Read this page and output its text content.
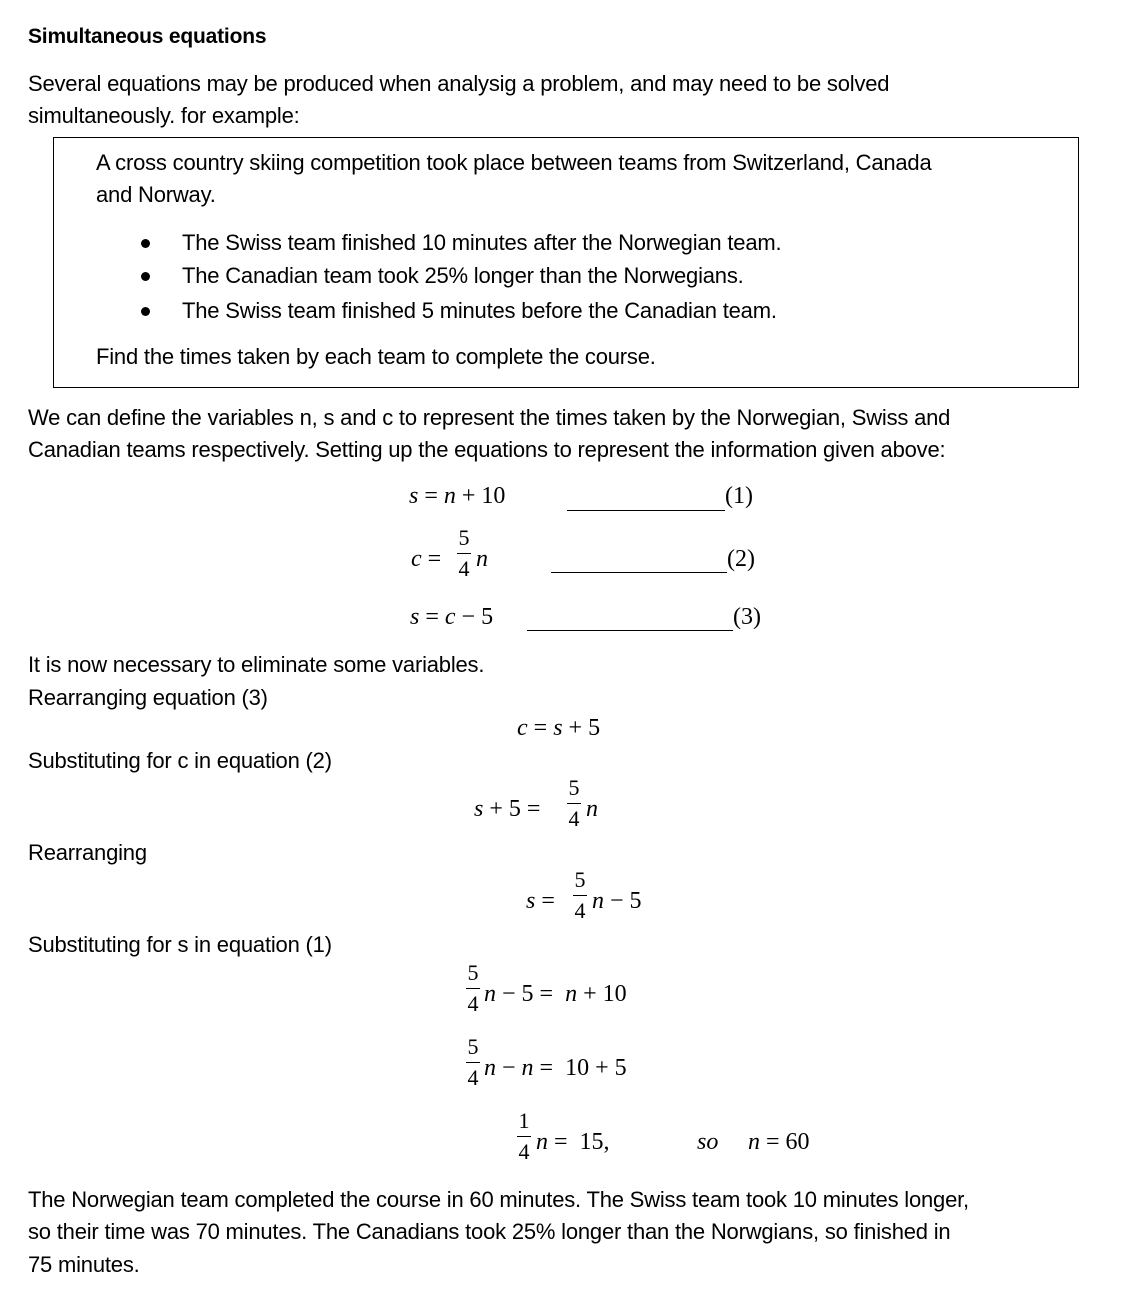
Simultaneous equations
Several equations may be produced when analysig a problem, and may need to be solved
simultaneously. for example:
A cross country skiing competition took place between teams from Switzerland, Canada
and Norway.
The Swiss team finished 10 minutes after the Norwegian team.
The Canadian team took 25% longer than the Norwegians.
The Swiss team finished 5 minutes before the Canadian team.
Find the times taken by each team to complete the course.
We can define the variables n, s and c to represent the times taken by the Norwegian, Swiss and
Canadian teams respectively. Setting up the equations to represent the information given above:
s = n + 10	(1)
c =
5
4 n	(2)
s = c − 5	(3)
It is now necessary to eliminate some variables.
Rearranging equation (3)
c = s + 5
Substituting for c in equation (2)
s + 5 =
5
4 n
Rearranging
s =
5
4 n − 5
Substituting for s in equation (1)
5
4 n − 5 = n + 10
5
4 n − n = 10 + 5
1
4 n = 15,	so n = 60
The Norwegian team completed the course in 60 minutes. The Swiss team took 10 minutes longer,
so their time was 70 minutes. The Canadians took 25% longer than the Norwgians, so finished in
75 minutes.
